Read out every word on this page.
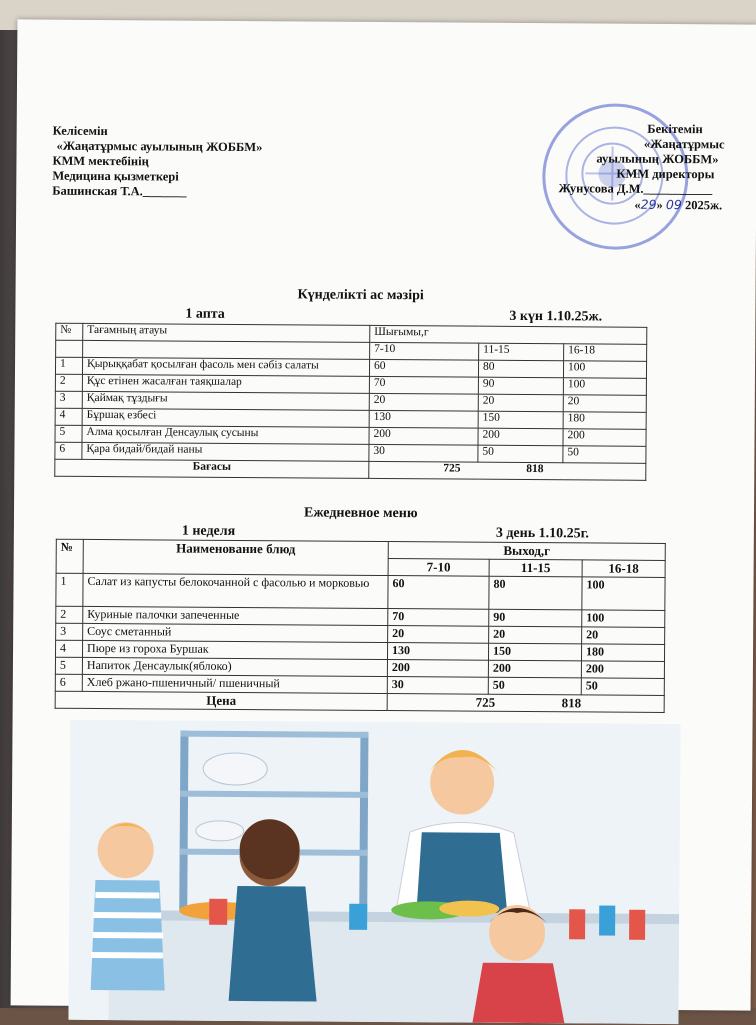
Келісемін
«Жаңатұрмыс ауылының ЖОББМ»
КММ мектебінің
Медицина қызметкері
Башинская Т.А._______
Бекітемін
«Жаңатұрмыс
ауылының ЖОББМ»
КММ директоры
Жунусова Д.М.___________
«29» 09 2025ж.
Күнделікті ас мәзірі
1 апта	3 күн 1.10.25ж.
№	Тағамның атауы	Шығымы,г		
		7-10	11-15	16-18
1	Қырыққабат қосылған фасоль мен сәбіз салаты	60	80	100
2	Құс етінен жасалған таяқшалар	70	90	100
3	Қаймақ тұздығы	20	20	20
4	Бұршақ езбесі	130	150	180
5	Алма қосылған Денсаулық сусыны	200	200	200
6	Қара бидай/бидай наны	30	50	50
Бағасы		725 818		
Ежедневное меню
1 неделя	3 день 1.10.25г.
№	Наименование блюд	Выход,г		
		7-10	11-15	16-18
1	Салат из капусты белокочанной с фасолью и морковью	60	80	100
2	Куриные палочки запеченные	70	90	100
3	Соус сметанный	20	20	20
4	Пюре из гороха Буршак	130	150	180
5	Напиток Денсаулык(яблоко)	200	200	200
6	Хлеб ржано-пшеничный/ пшеничный	30	50	50
Цена		725 818		
